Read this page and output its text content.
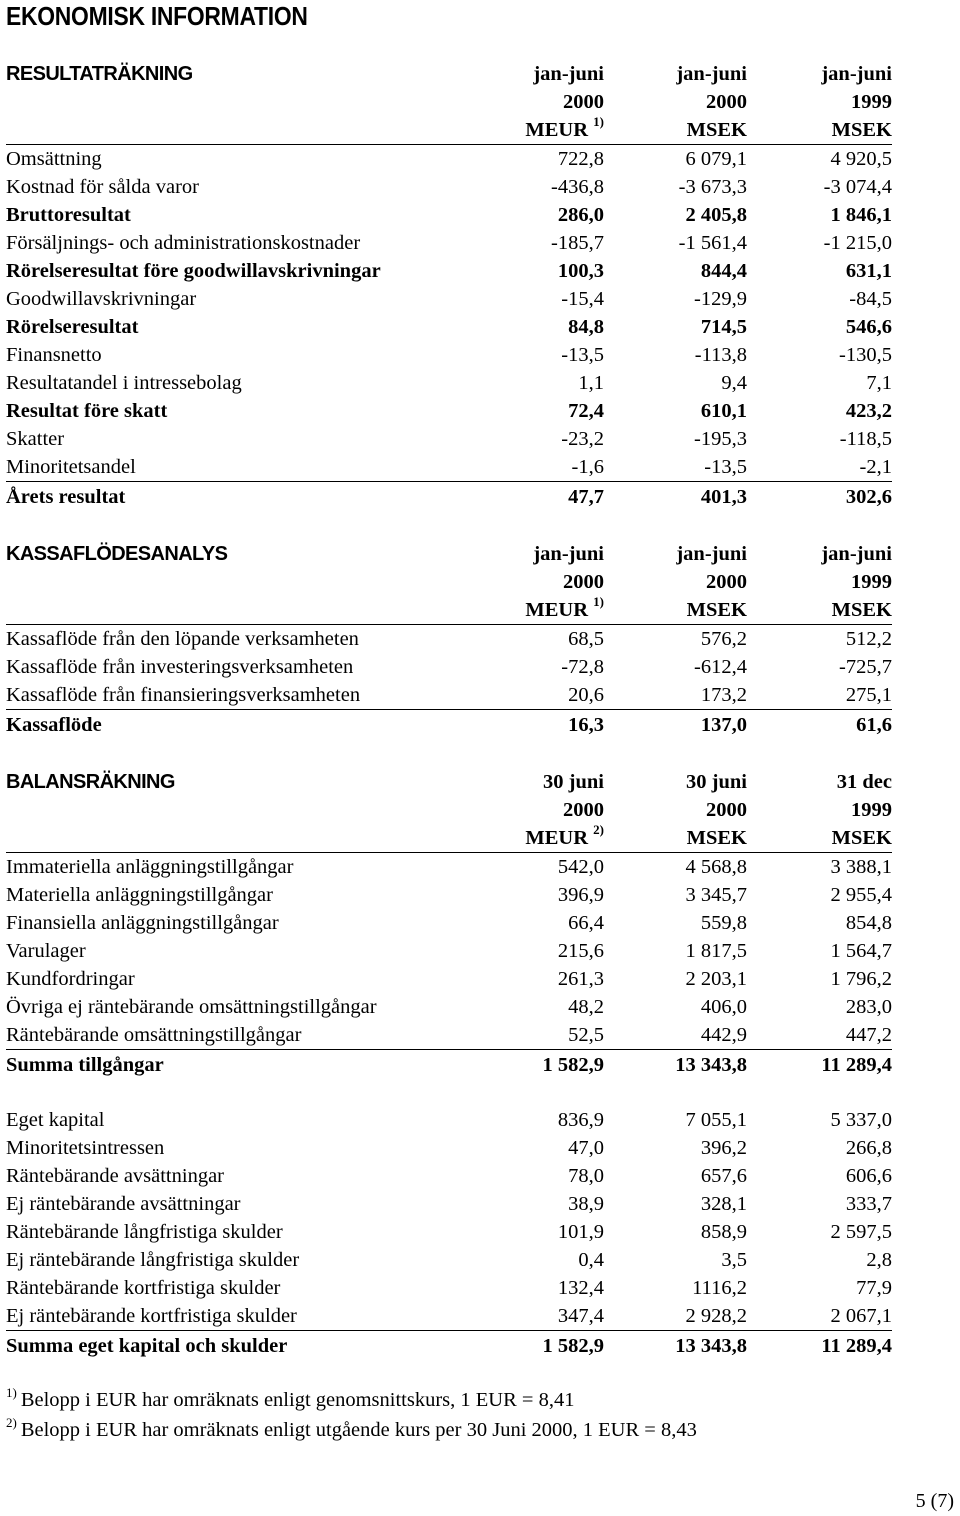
EKONOMISK INFORMATION
RESULTATRÄKNING	jan-juni	jan-juni	jan-juni
	2000	2000	1999
	MEUR $^{1)}$	MSEK	MSEK
Omsättning	722,8	6 079,1	4 920,5
Kostnad för sålda varor	-436,8	-3 673,3	-3 074,4
Bruttoresultat	286,0	2 405,8	1 846,1
Försäljnings- och administrationskostnader	-185,7	-1 561,4	-1 215,0
Rörelseresultat före goodwillavskrivningar	100,3	844,4	631,1
Goodwillavskrivningar	-15,4	-129,9	-84,5
Rörelseresultat	84,8	714,5	546,6
Finansnetto	-13,5	-113,8	-130,5
Resultatandel i intressebolag	1,1	9,4	7,1
Resultat före skatt	72,4	610,1	423,2
Skatter	-23,2	-195,3	-118,5
Minoritetsandel	-1,6	-13,5	-2,1
Årets resultat	47,7	401,3	302,6
KASSAFLÖDESANALYS	jan-juni	jan-juni	jan-juni
	2000	2000	1999
	MEUR $^{1)}$	MSEK	MSEK
Kassaflöde från den löpande verksamheten	68,5	576,2	512,2
Kassaflöde från investeringsverksamheten	-72,8	-612,4	-725,7
Kassaflöde från finansieringsverksamheten	20,6	173,2	275,1
Kassaflöde	16,3	137,0	61,6
BALANSRÄKNING	30 juni	30 juni	31 dec
	2000	2000	1999
	MEUR $^{2)}$	MSEK	MSEK
Immateriella anläggningstillgångar	542,0	4 568,8	3 388,1
Materiella anläggningstillgångar	396,9	3 345,7	2 955,4
Finansiella anläggningstillgångar	66,4	559,8	854,8
Varulager	215,6	1 817,5	1 564,7
Kundfordringar	261,3	2 203,1	1 796,2
Övriga ej räntebärande omsättningstillgångar	48,2	406,0	283,0
Räntebärande omsättningstillgångar	52,5	442,9	447,2
Summa tillgångar	1 582,9	13 343,8	11 289,4

Eget kapital	836,9	7 055,1	5 337,0
Minoritetsintressen	47,0	396,2	266,8
Räntebärande avsättningar	78,0	657,6	606,6
Ej räntebärande avsättningar	38,9	328,1	333,7
Räntebärande långfristiga skulder	101,9	858,9	2 597,5
Ej räntebärande långfristiga skulder	0,4	3,5	2,8
Räntebärande kortfristiga skulder	132,4	1116,2	77,9
Ej räntebärande kortfristiga skulder	347,4	2 928,2	2 067,1
Summa eget kapital och skulder	1 582,9	13 343,8	11 289,4
$^{1)}$ Belopp i EUR har omräknats enligt genomsnittskurs, 1 EUR = 8,41
$^{2)}$ Belopp i EUR har omräknats enligt utgående kurs per 30 Juni 2000, 1 EUR = 8,43
5 (7)
